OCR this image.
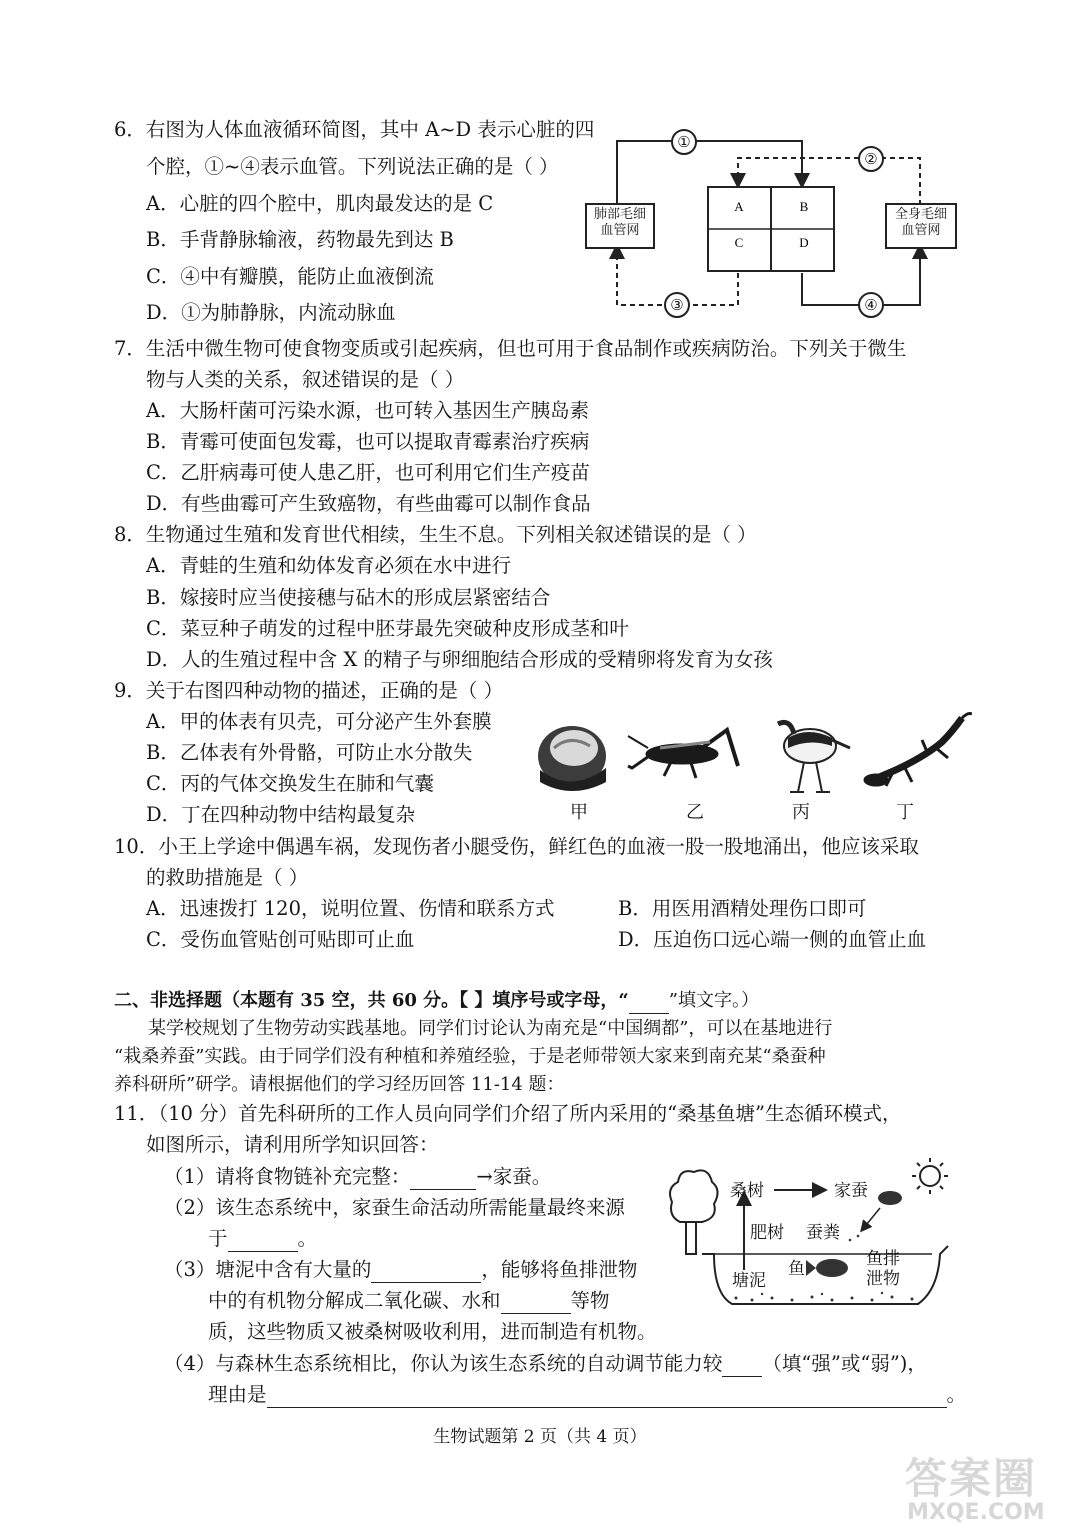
6．右图为人体血液循环简图，其中 A~D 表示心脏的四
个腔，①~④表示血管。下列说法正确的是（ ）
A．心脏的四个腔中，肌肉最发达的是 C
B．手背静脉输液，药物最先到达 B
C．④中有瓣膜，能防止血液倒流
D．①为肺静脉，内流动脉血
A	B
C	D
肺部毛细
血管网
全身毛细
血管网
①
②
③	④
7．生活中微生物可使食物变质或引起疾病，但也可用于食品制作或疾病防治。下列关于微生
物与人类的关系，叙述错误的是（ ）
A．大肠杆菌可污染水源，也可转入基因生产胰岛素
B．青霉可使面包发霉，也可以提取青霉素治疗疾病
C．乙肝病毒可使人患乙肝，也可利用它们生产疫苗
D．有些曲霉可产生致癌物，有些曲霉可以制作食品
8．生物通过生殖和发育世代相续，生生不息。下列相关叙述错误的是（ ）
A．青蛙的生殖和幼体发育必须在水中进行
B．嫁接时应当使接穗与砧木的形成层紧密结合
C．菜豆种子萌发的过程中胚芽最先突破种皮形成茎和叶
D．人的生殖过程中含 X 的精子与卵细胞结合形成的受精卵将发育为女孩
9．关于右图四种动物的描述，正确的是（ ）
A．甲的体表有贝壳，可分泌产生外套膜
B．乙体表有外骨骼，可防止水分散失
C．丙的气体交换发生在肺和气囊
D．丁在四种动物中结构最复杂	甲	乙	丙	丁
10．小王上学途中偶遇车祸，发现伤者小腿受伤，鲜红色的血液一股一股地涌出，他应该采取
的救助措施是（ ）
A．迅速拨打 120，说明位置、伤情和联系方式	B．用医用酒精处理伤口即可
C．受伤血管贴创可贴即可止血	D．压迫伤口远心端一侧的血管止血
二、非选择题（本题有 35 空，共 60 分。【 】填序号或字母，“ ”填文字。）
某学校规划了生物劳动实践基地。同学们讨论认为南充是“中国绸都”，可以在基地进行
“栽桑养蚕”实践。由于同学们没有种植和养殖经验，于是老师带领大家来到南充某“桑蚕种
养科研所”研学。请根据他们的学习经历回答 11-14 题：
11．（10 分）首先科研所的工作人员向同学们介绍了所内采用的“桑基鱼塘”生态循环模式，
如图所示，请利用所学知识回答：
（1）请将食物链补充完整：	→家蚕。
（2）该生态系统中，家蚕生命活动所需能量最终来源
于	。
（3）塘泥中含有大量的	，能够将鱼排泄物
中的有机物分解成二氧化碳、水和	等物
质，这些物质又被桑树吸收利用，进而制造有机物。
（4）与森林生态系统相比，你认为该生态系统的自动调节能力较 （填“强”或“弱”)，
理由是	。
桑树	家蚕
肥树 蚕粪
鱼	鱼排
泄物
塘泥
生物试题第 2 页（共 4 页）
答案圈
MXQE.COM
